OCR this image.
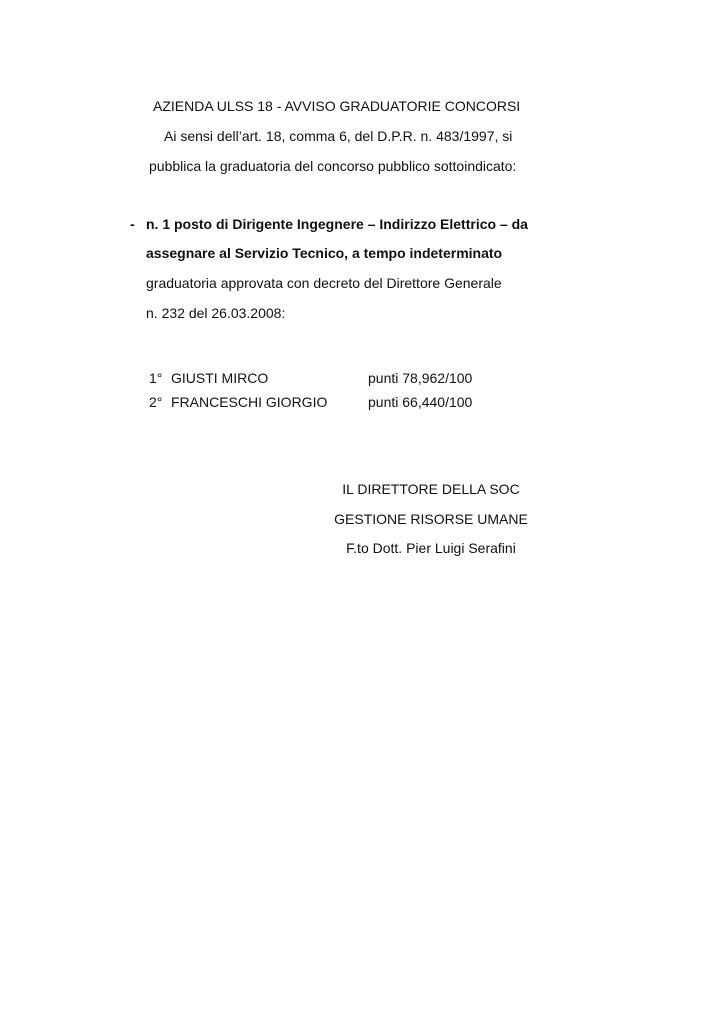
AZIENDA ULSS 18 - AVVISO GRADUATORIE CONCORSI
Ai sensi dell’art. 18, comma 6, del D.P.R. n. 483/1997, si
pubblica la graduatoria del concorso pubblico sottoindicato:
- n. 1 posto di Dirigente Ingegnere – Indirizzo Elettrico – da
assegnare al Servizio Tecnico, a tempo indeterminato
graduatoria approvata con decreto del Direttore Generale
n. 232 del 26.03.2008:
1° GIUSTI MIRCO	punti 78,962/100
2° FRANCESCHI GIORGIO	punti 66,440/100
IL DIRETTORE DELLA SOC
GESTIONE RISORSE UMANE
F.to Dott. Pier Luigi Serafini
